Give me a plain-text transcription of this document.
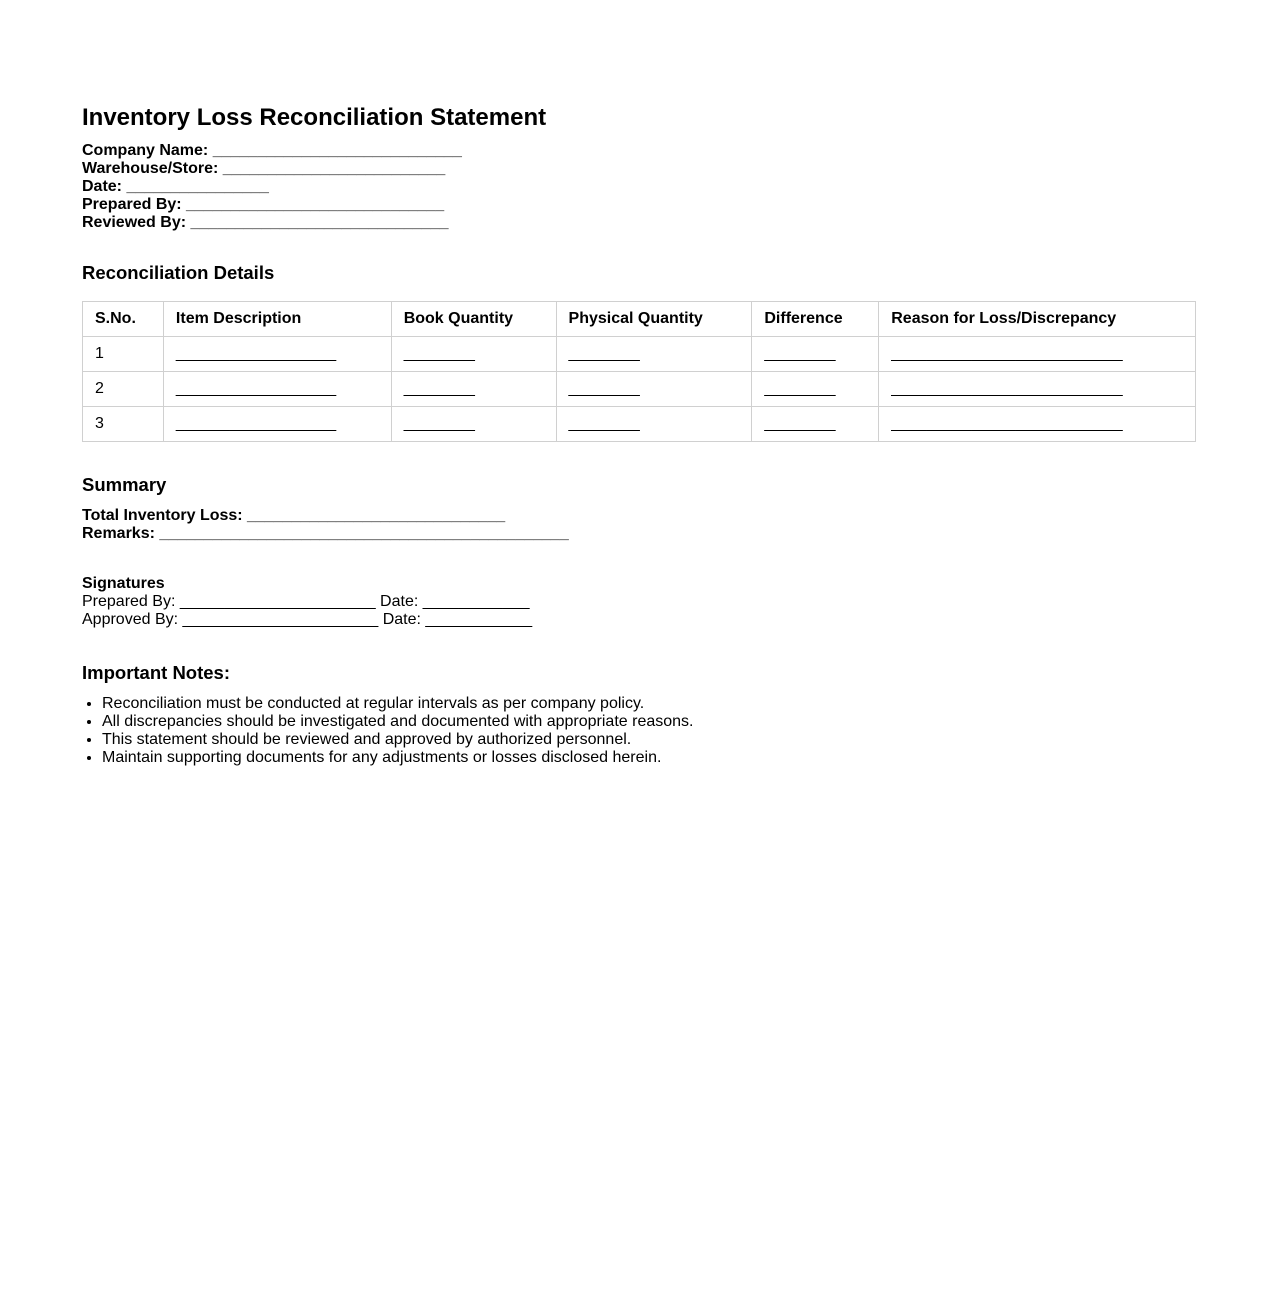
Inventory Loss Reconciliation Statement
Company Name: ____________________________
Warehouse/Store: _________________________
Date: ________________
Prepared By: _____________________________
Reviewed By: _____________________________
Reconciliation Details
S.No.	Item Description	Book Quantity	Physical Quantity	Difference	Reason for Loss/Discrepancy
1	__________________	________	________	________	__________________________
2	__________________	________	________	________	__________________________
3	__________________	________	________	________	__________________________
Summary
Total Inventory Loss: _____________________________
Remarks: ______________________________________________
Signatures
Prepared By: ______________________ Date: ____________
Approved By: ______________________ Date: ____________
Important Notes:
• Reconciliation must be conducted at regular intervals as per company policy.
• All discrepancies should be investigated and documented with appropriate reasons.
• This statement should be reviewed and approved by authorized personnel.
• Maintain supporting documents for any adjustments or losses disclosed herein.
